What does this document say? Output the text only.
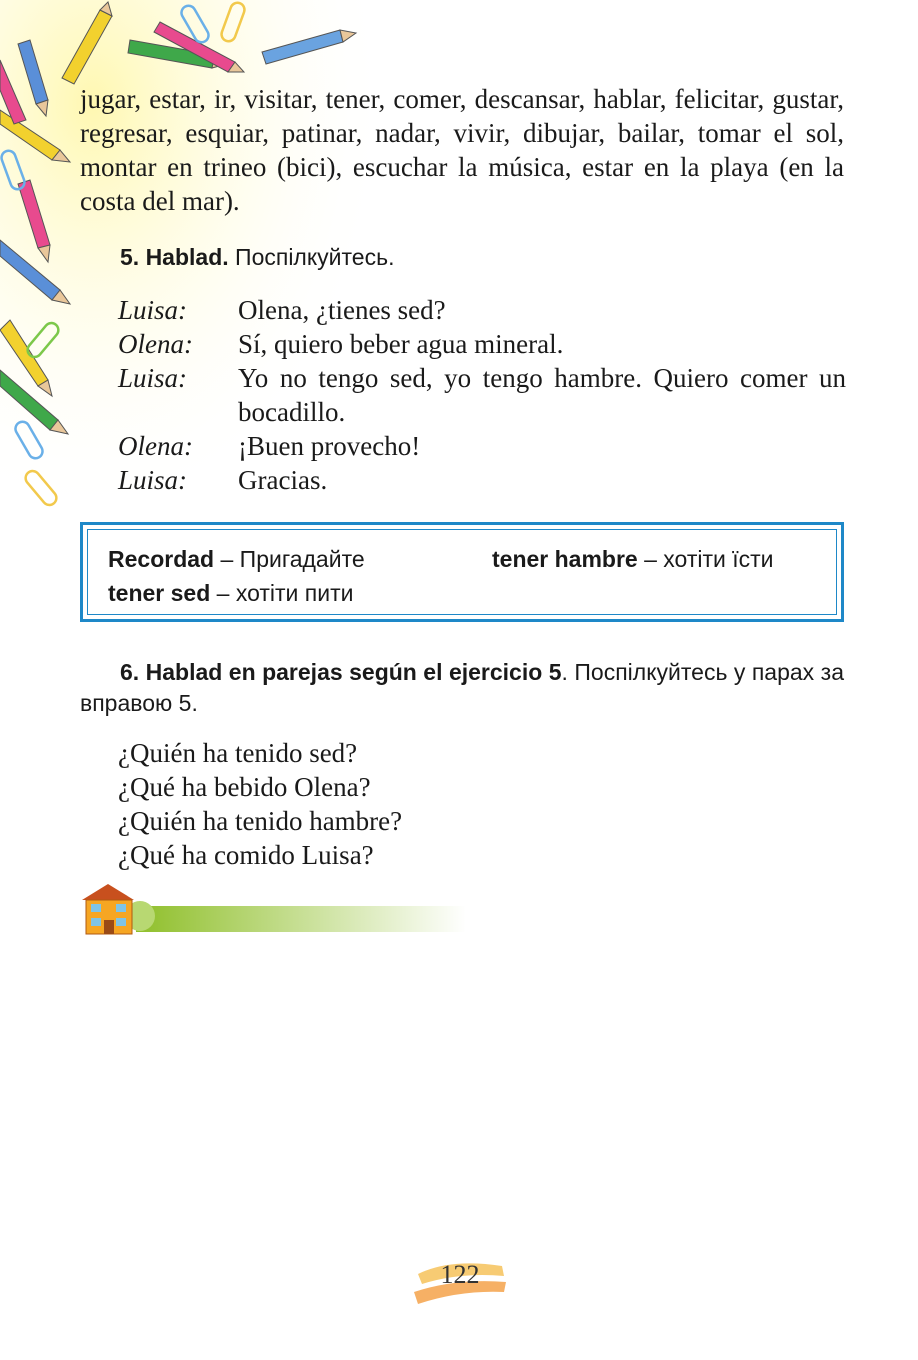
jugar, estar, ir, visitar, tener, comer, descansar, hablar, felicitar, gustar, regresar, esquiar, patinar, nadar, vivir, dibujar, bailar, tomar el sol, montar en trineo (bici), escuchar la música, estar en la playa (en la costa del mar).
5. Hablad. Поспілкуйтесь.
Luisa:	Olena, ¿tienes sed?
Olena:	Sí, quiero beber agua mineral.
Luisa:	Yo no tengo sed, yo tengo hambre. Quiero comer un bocadillo.
Olena:	¡Buen provecho!
Luisa:	Gracias.
Recordad – Пригадайте
tener sed – хотіти пити
tener hambre – хотіти їсти
6. Hablad en parejas según el ejercicio 5. Поспілкуйтесь у парах за вправою 5.
¿Quién ha tenido sed?
¿Qué ha bebido Olena?
¿Quién ha tenido hambre?
¿Qué ha comido Luisa?
122
